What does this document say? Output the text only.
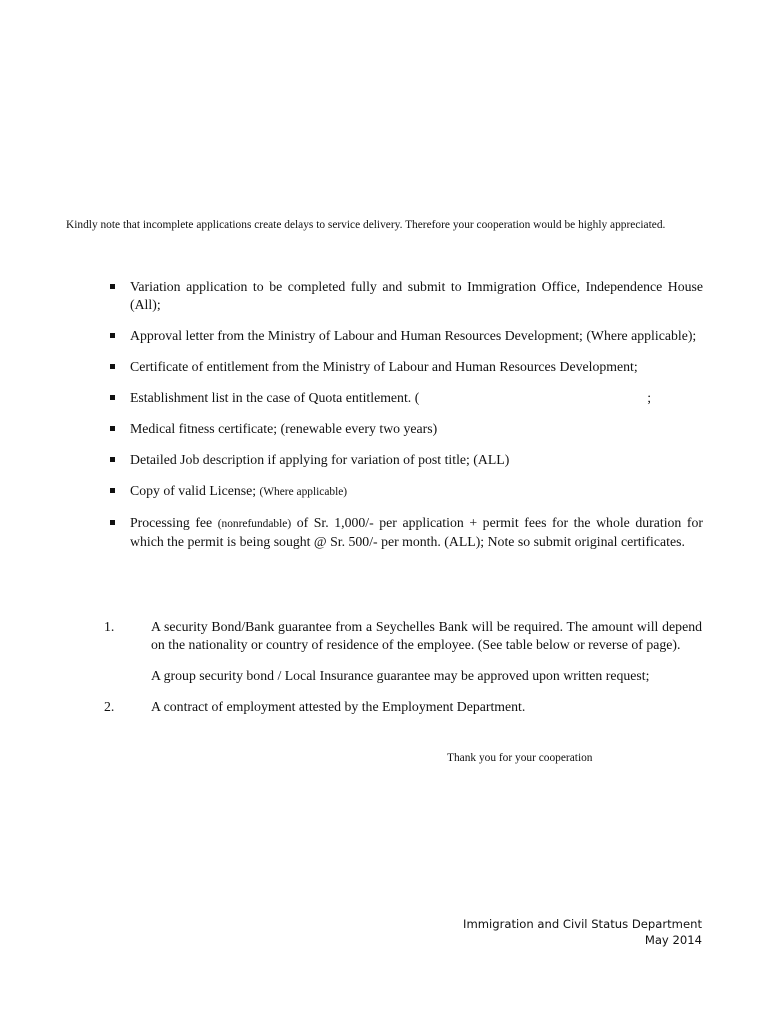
Kindly note that incomplete applications create delays to service delivery. Therefore your cooperation would be highly appreciated.
Variation application to be completed fully and submit to Immigration Office, Independence House (All);
Approval letter from the Ministry of Labour and Human Resources Development; (Where applicable);
Certificate of entitlement from the Ministry of Labour and Human Resources Development;
Establishment list in the case of Quota entitlement. (	;
Medical fitness certificate; (renewable every two years)
Detailed Job description if applying for variation of post title; (ALL)
Copy of valid License; (Where applicable)
Processing fee (nonrefundable) of Sr. 1,000/- per application + permit fees for the whole duration for which the permit is being sought @ Sr. 500/- per month. (ALL); Note so submit original certificates.
1.	A security Bond/Bank guarantee from a Seychelles Bank will be required. The amount will depend on the nationality or country of residence of the employee. (See table below or reverse of page).

A group security bond / Local Insurance guarantee may be approved upon written request;

2.	A contract of employment attested by the Employment Department.

Thank you for your cooperation
Immigration and Civil Status Department
May 2014
